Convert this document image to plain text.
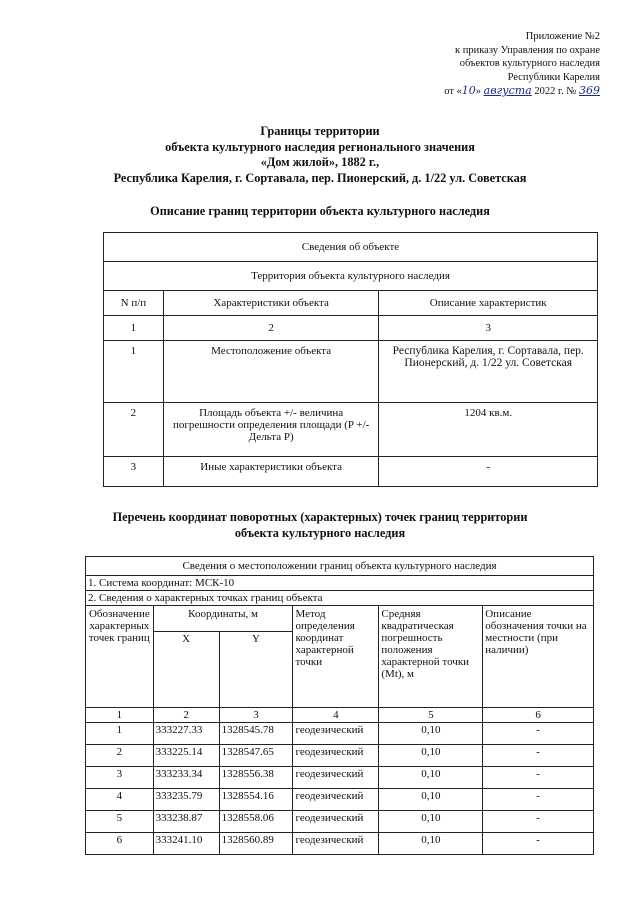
Приложение №2
к приказу Управления по охране
объектов культурного наследия
Республики Карелия
от «10» августа 2022 г. № 369
Границы территории
объекта культурного наследия регионального значения
«Дом жилой», 1882 г.,
Республика Карелия, г. Сортавала, пер. Пионерский, д. 1/22 ул. Советская
Описание границ территории объекта культурного наследия
Сведения об объекте		
Территория объекта культурного наследия		
N п/п	Характеристики объекта	Описание характеристик
1	2	3
1	Местоположение объекта	Республика Карелия, г. Сортавала, пер. Пионерский, д. 1/22 ул. Советская
2	Площадь объекта +/- величина погрешности определения площади (P +/- Дельта P)	1204 кв.м.
3	Иные характеристики объекта	-
Перечень координат поворотных (характерных) точек границ территории
объекта культурного наследия
Сведения о местоположении границ объекта культурного наследия					
1. Система координат: МСК-10					
2. Сведения о характерных точках границ объекта					
Обозначение характерных точек границ	Координаты, м		Метод определения координат характерной точки	Средняя квадратическая погрешность положения характерной точки (Mt), м	Описание обозначения точки на местности (при наличии)
	X	Y			
1	2	3	4	5	6
1	333227.33	1328545.78	геодезический	0,10	-
2	333225.14	1328547.65	геодезический	0,10	-
3	333233.34	1328556.38	геодезический	0,10	-
4	333235.79	1328554.16	геодезический	0,10	-
5	333238.87	1328558.06	геодезический	0,10	-
6	333241.10	1328560.89	геодезический	0,10	-
